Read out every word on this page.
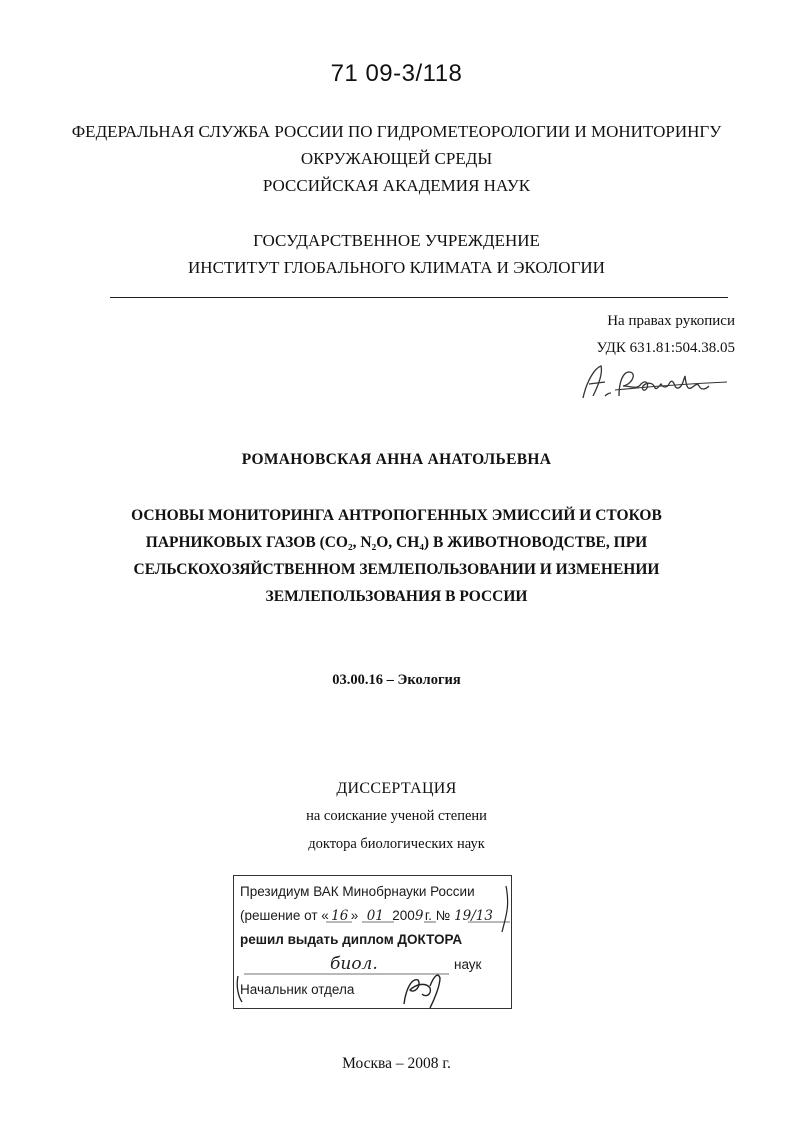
71 09-3/118
ФЕДЕРАЛЬНАЯ СЛУЖБА РОССИИ ПО ГИДРОМЕТЕОРОЛОГИИ И МОНИТОРИНГУ
ОКРУЖАЮЩЕЙ СРЕДЫ
РОССИЙСКАЯ АКАДЕМИЯ НАУК
ГОСУДАРСТВЕННОЕ УЧРЕЖДЕНИЕ
ИНСТИТУТ ГЛОБАЛЬНОГО КЛИМАТА И ЭКОЛОГИИ
На правах рукописи
УДК 631.81:504.38.05
РОМАНОВСКАЯ АННА АНАТОЛЬЕВНА
ОСНОВЫ МОНИТОРИНГА АНТРОПОГЕННЫХ ЭМИССИЙ И СТОКОВ
ПАРНИКОВЫХ ГАЗОВ (CO₂, N₂O, CH₄) В ЖИВОТНОВОДСТВЕ, ПРИ
СЕЛЬСКОХОЗЯЙСТВЕННОМ ЗЕМЛЕПОЛЬЗОВАНИИ И ИЗМЕНЕНИИ
ЗЕМЛЕПОЛЬЗОВАНИЯ В РОССИИ
03.00.16 – Экология
ДИССЕРТАЦИЯ
на соискание ученой степени
доктора биологических наук
Президиум ВАК Минобрнауки России
(решение от « 16 » 01 2009г. № 19/13
решил выдать диплом ДОКТОРА
биол.	наук
Начальник отдела
Москва – 2008 г.
